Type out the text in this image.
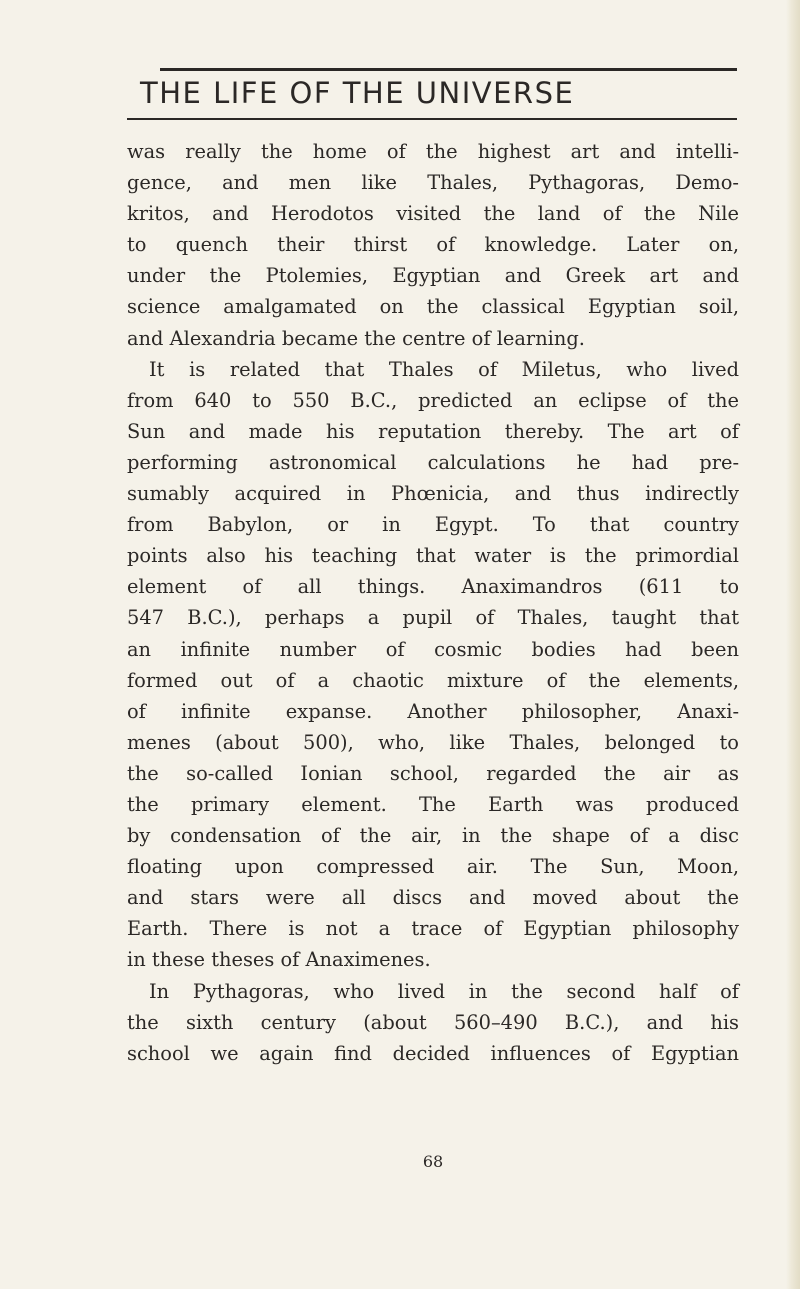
THE LIFE OF THE UNIVERSE
was really the home of the highest art and intelli-
gence, and men like Thales, Pythagoras, Demo-
kritos, and Herodotos visited the land of the Nile
to quench their thirst of knowledge. Later on,
under the Ptolemies, Egyptian and Greek art and
science amalgamated on the classical Egyptian soil,
and Alexandria became the centre of learning.
It is related that Thales of Miletus, who lived
from 640 to 550 B.C., predicted an eclipse of the
Sun and made his reputation thereby. The art of
performing astronomical calculations he had pre-
sumably acquired in Phœnicia, and thus indirectly
from Babylon, or in Egypt. To that country
points also his teaching that water is the primordial
element of all things. Anaximandros (611 to
547 B.C.), perhaps a pupil of Thales, taught that
an infinite number of cosmic bodies had been
formed out of a chaotic mixture of the elements,
of infinite expanse. Another philosopher, Anaxi-
menes (about 500), who, like Thales, belonged to
the so-called Ionian school, regarded the air as
the primary element. The Earth was produced
by condensation of the air, in the shape of a disc
floating upon compressed air. The Sun, Moon,
and stars were all discs and moved about the
Earth. There is not a trace of Egyptian philosophy
in these theses of Anaximenes.
In Pythagoras, who lived in the second half of
the sixth century (about 560–490 B.C.), and his
school we again find decided influences of Egyptian
68
